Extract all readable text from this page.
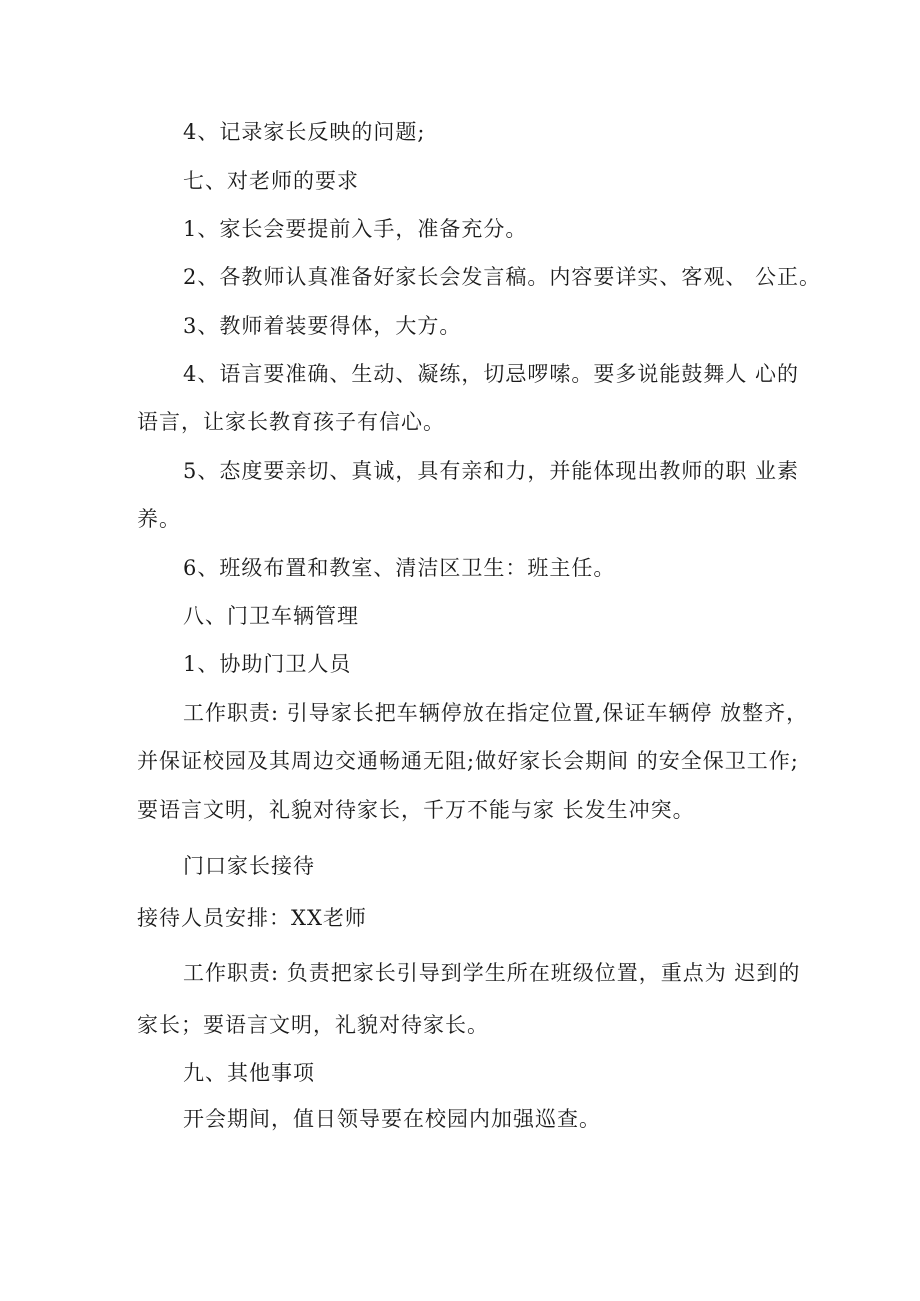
4、记录家长反映的问题;
七、对老师的要求
1、家长会要提前入手，准备充分。
2、各教师认真准备好家长会发言稿。内容要详实、客观、 公正。
3、教师着装要得体，大方。
4、语言要准确、生动、凝练，切忌啰嗦。要多说能鼓舞人 心的
语言，让家长教育孩子有信心。
5、态度要亲切、真诚，具有亲和力，并能体现出教师的职 业素
养。
6、班级布置和教室、清洁区卫生：班主任。
八、门卫车辆管理
1、协助门卫人员
工作职责: 引导家长把车辆停放在指定位置,保证车辆停 放整齐，
并保证校园及其周边交通畅通无阻;做好家长会期间 的安全保卫工作;
要语言文明，礼貌对待家长，千万不能与家 长发生冲突。
门口家长接待
接待人员安排：XX老师
工作职责: 负责把家长引导到学生所在班级位置，重点为 迟到的
家长；要语言文明，礼貌对待家长。
九、其他事项
开会期间，值日领导要在校园内加强巡查。
